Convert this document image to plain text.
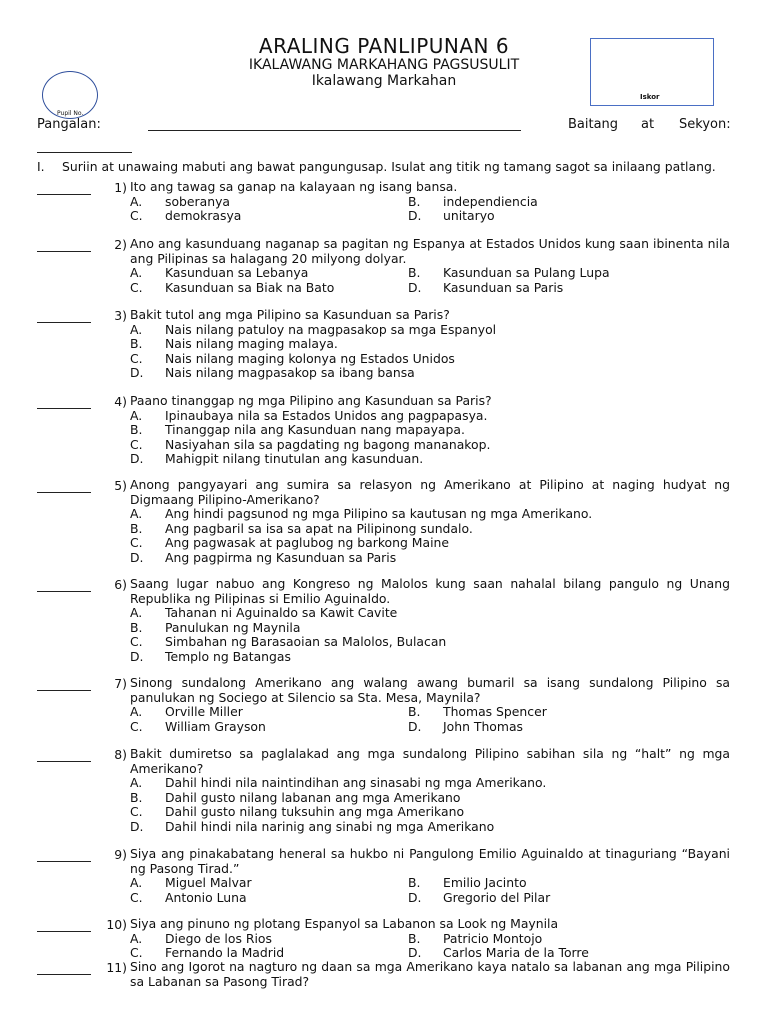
ARALING PANLIPUNAN 6
IKALAWANG MARKAHANG PAGSUSULIT
Ikalawang Markahan
Pupil No.
Iskor
Pangalan:	Baitang at Sekyon:
I. Suriin at unawaing mabuti ang bawat pangungusap. Isulat ang titik ng tamang sagot sa inilaang patlang.
1) Ito ang tawag sa ganap na kalayaan ng isang bansa.
A.	soberanya	B.	independiencia
C.	demokrasya	D.	unitaryo
2) Ano ang kasunduang naganap sa pagitan ng Espanya at Estados Unidos kung saan ibinenta nila ang Pilipinas sa halagang 20 milyong dolyar.
A.	Kasunduan sa Lebanya	B.	Kasunduan sa Pulang Lupa
C.	Kasunduan sa Biak na Bato	D.	Kasunduan sa Paris
3) Bakit tutol ang mga Pilipino sa Kasunduan sa Paris?
A.	Nais nilang patuloy na magpasakop sa mga Espanyol
B.	Nais nilang maging malaya.
C.	Nais nilang maging kolonya ng Estados Unidos
D.	Nais nilang magpasakop sa ibang bansa
4) Paano tinanggap ng mga Pilipino ang Kasunduan sa Paris?
A.	Ipinaubaya nila sa Estados Unidos ang pagpapasya.
B.	Tinanggap nila ang Kasunduan nang mapayapa.
C.	Nasiyahan sila sa pagdating ng bagong mananakop.
D.	Mahigpit nilang tinutulan ang kasunduan.
5) Anong pangyayari ang sumira sa relasyon ng Amerikano at Pilipino at naging hudyat ng Digmaang Pilipino-Amerikano?
A.	Ang hindi pagsunod ng mga Pilipino sa kautusan ng mga Amerikano.
B.	Ang pagbaril sa isa sa apat na Pilipinong sundalo.
C.	Ang pagwasak at paglubog ng barkong Maine
D.	Ang pagpirma ng Kasunduan sa Paris
6) Saang lugar nabuo ang Kongreso ng Malolos kung saan nahalal bilang pangulo ng Unang Republika ng Pilipinas si Emilio Aguinaldo.
A.	Tahanan ni Aguinaldo sa Kawit Cavite
B.	Panulukan ng Maynila
C.	Simbahan ng Barasaoian sa Malolos, Bulacan
D.	Templo ng Batangas
7) Sinong sundalong Amerikano ang walang awang bumaril sa isang sundalong Pilipino sa panulukan ng Sociego at Silencio sa Sta. Mesa, Maynila?
A.	Orville Miller	B.	Thomas Spencer
C.	William Grayson	D.	John Thomas
8) Bakit dumiretso sa paglalakad ang mga sundalong Pilipino sabihan sila ng “halt” ng mga Amerikano?
A.	Dahil hindi nila naintindihan ang sinasabi ng mga Amerikano.
B.	Dahil gusto nilang labanan ang mga Amerikano
C.	Dahil gusto nilang tuksuhin ang mga Amerikano
D.	Dahil hindi nila narinig ang sinabi ng mga Amerikano
9) Siya ang pinakabatang heneral sa hukbo ni Pangulong Emilio Aguinaldo at tinaguriang “Bayani ng Pasong Tirad.”
A.	Miguel Malvar	B.	Emilio Jacinto
C.	Antonio Luna	D.	Gregorio del Pilar
10) Siya ang pinuno ng plotang Espanyol sa Labanon sa Look ng Maynila
A.	Diego de los Rios	B.	Patricio Montojo
C.	Fernando la Madrid	D.	Carlos Maria de la Torre
11) Sino ang Igorot na nagturo ng daan sa mga Amerikano kaya natalo sa labanan ang mga Pilipino sa Labanan sa Pasong Tirad?
